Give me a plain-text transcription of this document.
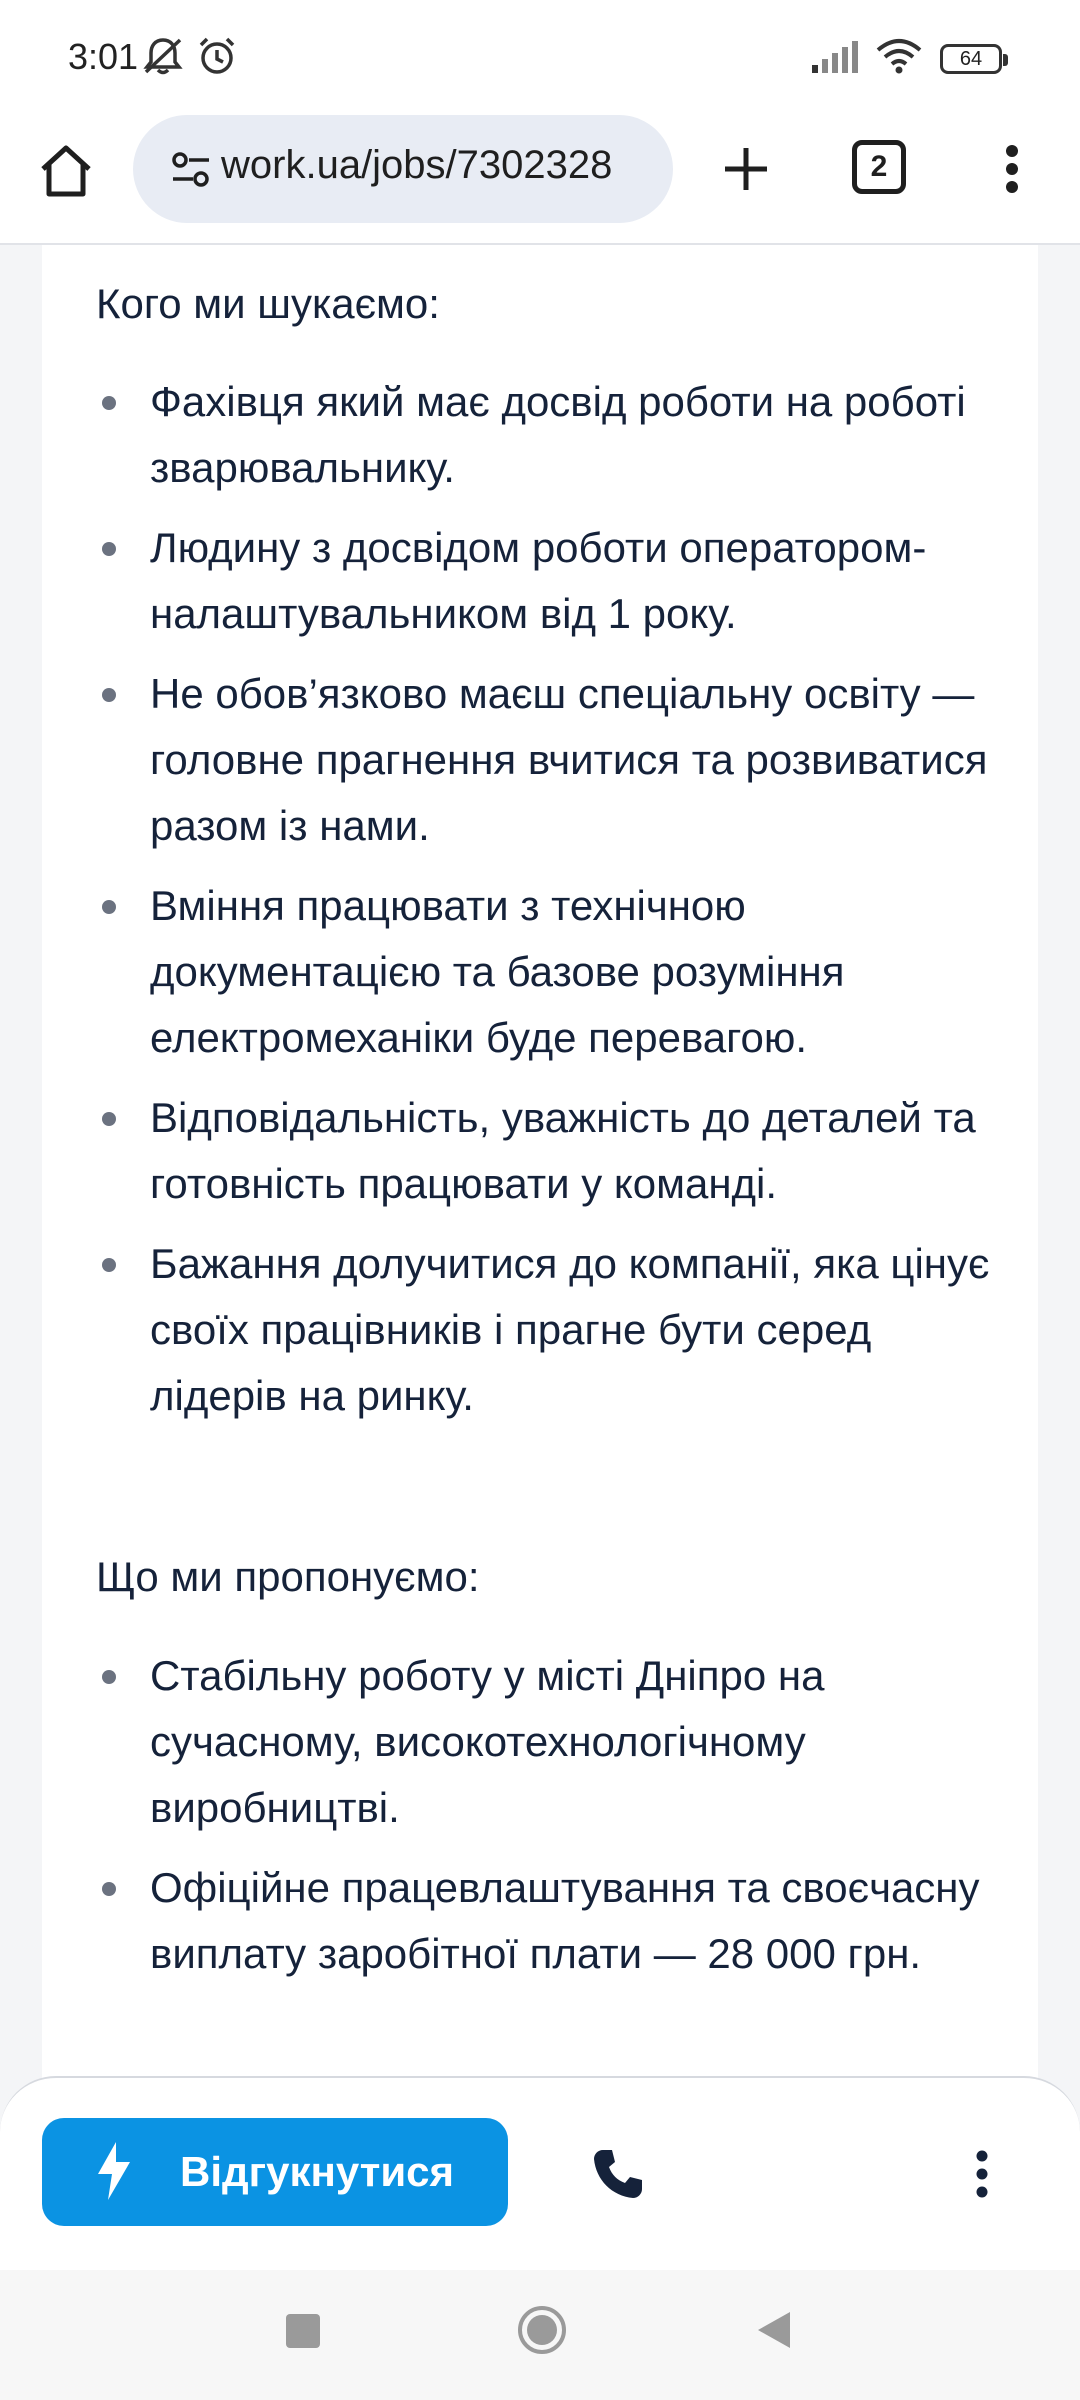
3:01	64
work.ua/jobs/7302328	2
Кого ми шукаємо:
Фахівця який має досвід роботи на роботі зварювальнику.
Людину з досвідом роботи оператором-налаштувальником від 1 року.
Не обов’язково маєш спеціальну освіту — головне прагнення вчитися та розвиватися разом із нами.
Вміння працювати з технічною документацією та базове розуміння електромеханіки буде перевагою.
Відповідальність, уважність до деталей та готовність працювати у команді.
Бажання долучитися до компанії, яка цінує своїх працівників і прагне бути серед лідерів на ринку.
Що ми пропонуємо:
Стабільну роботу у місті Дніпро на сучасному, високотехнологічному виробництві.
Офіційне працевлаштування та своєчасну виплату заробітної плати — 28 000 грн.
Відгукнутися
